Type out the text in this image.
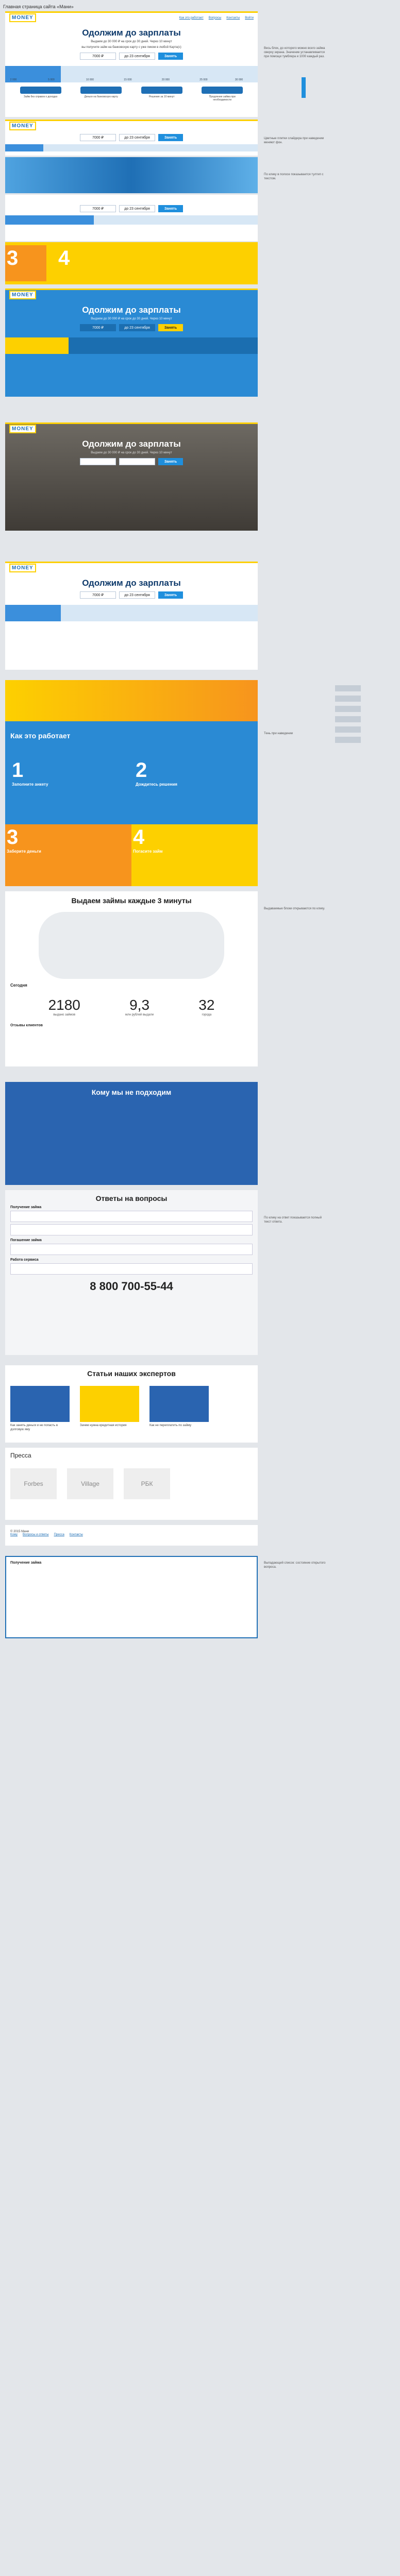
Главная страница сайта «Мани»
MONEY	Как это работает Вопросы Контакты Войти
Одолжим до зарплаты
Выдаем до 30 000 ₽ на срок до 30 дней. Через 10 минут
вы получите займ на банковскую карту с уже пиком в любой Карта(с)
7000 ₽	до 23 сентября	Занять
2 000	5 000	10 000	15 000	20 000	25 000	30 000
Займ без справок о доходах	Деньги на банковскую карту	Решение за 10 минут	Продление займа при необходимости
Весь блок, до которого можно всего займа сверху экрана. Значение устанавливается при помощи тумблера и 1000 каждый раз.
MONEY
7000 ₽	до 23 сентября	Занять
7000 ₽	до 23 сентября	Занять
3	4
Цветные плитки слайдера при наведении меняют фон.
По клику в полосе показывается тултип с текстом.
MONEY
Одолжим до зарплаты
Выдаем до 30 000 ₽ на срок до 30 дней. Через 10 минут
7000 ₽	до 23 сентября	Занять
MONEY
Одолжим до зарплаты
Выдаем до 30 000 ₽ на срок до 30 дней. Через 10 минут
7000 ₽	до 23 сентября	Занять
MONEY
Одолжим до зарплаты
7000 ₽	до 23 сентября	Занять
Как это работает
1
Заполните анкету
2
Дождитесь решения
3
Заберите деньги
4
Погасите займ
Тень при наведении
Выдаем займы каждые 3 минуты
Сегодня
2180
выдано займов
9,3
млн рублей выдали
32
города
Отзывы клиентов
Выдаваемые блоки открываются по клику.
Кому мы не подходим
Ответы на вопросы
Получение займа
Погашение займа
Работа сервиса
8 800 700-55-44
По клику на ответ показывается полный текст ответа.
Статьи наших экспертов
Как занять деньги и не попасть в долговую яму
Зачем нужна кредитная история	Как не переплатить по займу
Пресса
Forbes	Village	РБК
© 2015 Мани
Кому Вопросы и ответы Пресса Контакты
Получение займа	Выпадающий список: состояние открытого вопроса.
